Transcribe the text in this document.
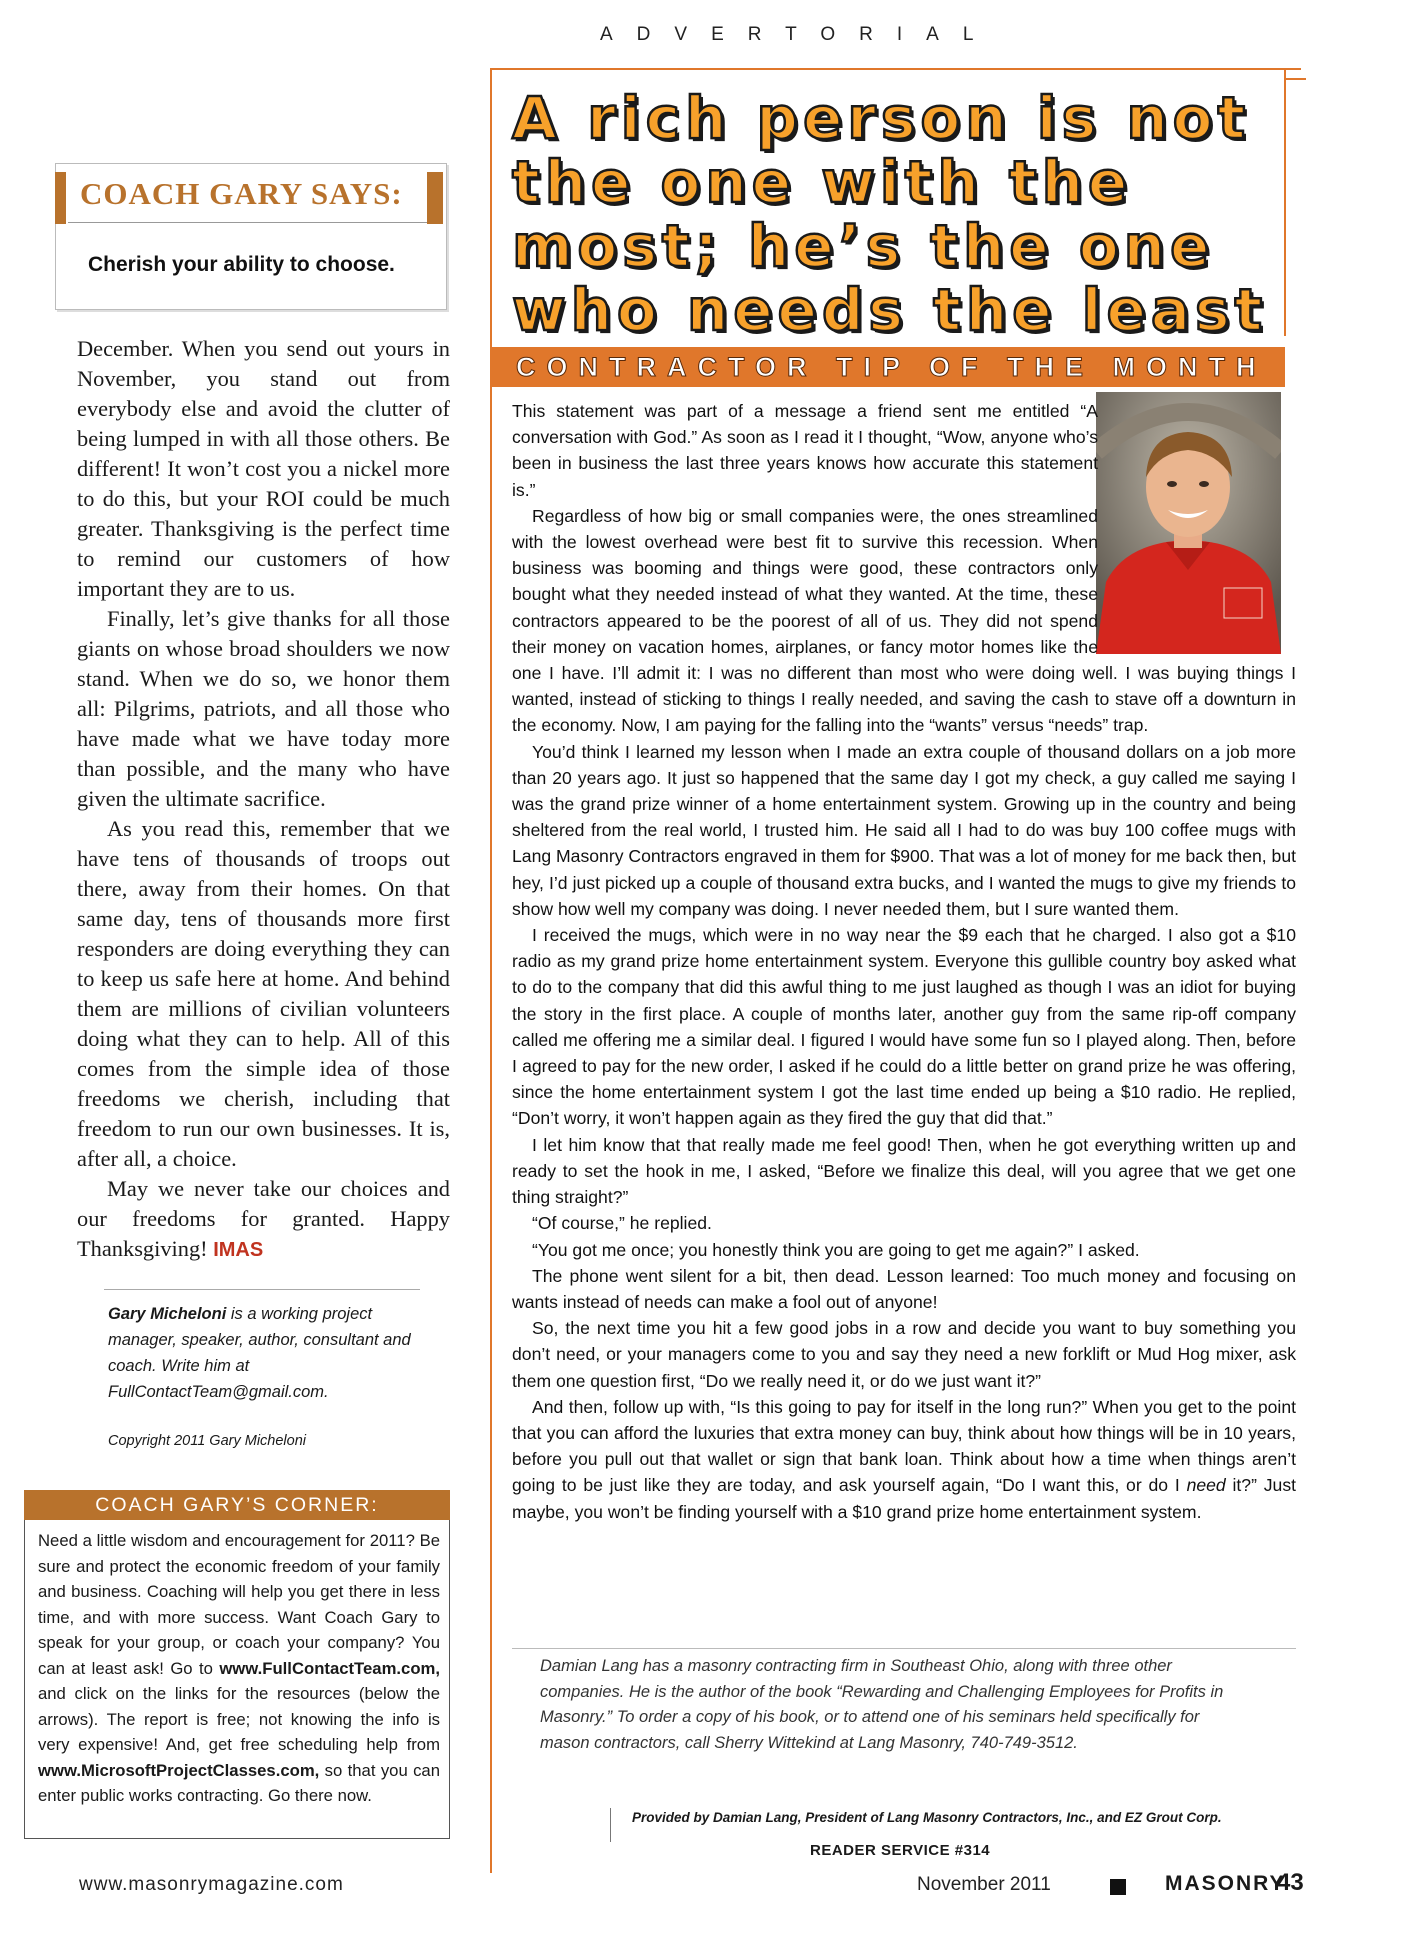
ADVERTORIAL
COACH GARY SAYS:
Cherish your ability to choose.

December. When you send out yours in November, you stand out from everybody else and avoid the clutter of being lumped in with all those others. Be different! It won’t cost you a nickel more to do this, but your ROI could be much greater. Thanksgiving is the perfect time to remind our customers of how important they are to us.

Finally, let’s give thanks for all those giants on whose broad shoulders we now stand. When we do so, we honor them all: Pilgrims, patriots, and all those who have made what we have today more than possible, and the many who have given the ultimate sacrifice.

As you read this, remember that we have tens of thousands of troops out there, away from their homes. On that same day, tens of thousands more first responders are doing everything they can to keep us safe here at home. And behind them are millions of civilian volunteers doing what they can to help. All of this comes from the simple idea of those freedoms we cherish, including that freedom to run our own businesses. It is, after all, a choice.

May we never take our choices and our freedoms for granted. Happy Thanksgiving! IMAS

Gary Micheloni is a working project manager, speaker, author, consultant and coach. Write him at FullContactTeam@gmail.com.
Copyright 2011 Gary Micheloni
COACH GARY’S CORNER:
Need a little wisdom and encouragement for 2011? Be sure and protect the economic freedom of your family and business. Coaching will help you get there in less time, and with more success. Want Coach Gary to speak for your group, or coach your company? You can at least ask! Go to www.FullContactTeam.com, and click on the links for the resources (below the arrows). The report is free; not knowing the info is very expensive! And, get free scheduling help from www.MicrosoftProjectClasses.com, so that you can enter public works contracting. Go there now.
A rich person is not
the one with the
most; he’s the one
who needs the least
CONTRACTOR TIP OF THE MONTH

This statement was part of a message a friend sent me entitled “A conversation with God.” As soon as I read it I thought, “Wow, anyone who’s been in business the last three years knows how accurate this statement is.”

Regardless of how big or small companies were, the ones streamlined with the lowest overhead were best fit to survive this recession. When business was booming and things were good, these contractors only bought what they needed instead of what they wanted. At the time, these contractors appeared to be the poorest of all of us. They did not spend their money on vacation homes, airplanes, or fancy motor homes like the one I have. I’ll admit it: I was no different than most who were doing well. I was buying things I wanted, instead of sticking to things I really needed, and saving the cash to stave off a downturn in the economy. Now, I am paying for the falling into the “wants” versus “needs” trap.

You’d think I learned my lesson when I made an extra couple of thousand dollars on a job more than 20 years ago. It just so happened that the same day I got my check, a guy called me saying I was the grand prize winner of a home entertainment system. Growing up in the country and being sheltered from the real world, I trusted him. He said all I had to do was buy 100 coffee mugs with Lang Masonry Contractors engraved in them for $900. That was a lot of money for me back then, but hey, I’d just picked up a couple of thousand extra bucks, and I wanted the mugs to give my friends to show how well my company was doing. I never needed them, but I sure wanted them.

I received the mugs, which were in no way near the $9 each that he charged. I also got a $10 radio as my grand prize home entertainment system. Everyone this gullible country boy asked what to do to the company that did this awful thing to me just laughed as though I was an idiot for buying the story in the first place. A couple of months later, another guy from the same rip-off company called me offering me a similar deal. I figured I would have some fun so I played along. Then, before I agreed to pay for the new order, I asked if he could do a little better on grand prize he was offering, since the home entertainment system I got the last time ended up being a $10 radio. He replied, “Don’t worry, it won’t happen again as they fired the guy that did that.”

I let him know that that really made me feel good! Then, when he got everything written up and ready to set the hook in me, I asked, “Before we finalize this deal, will you agree that we get one thing straight?”

“Of course,” he replied.

“You got me once; you honestly think you are going to get me again?” I asked.

The phone went silent for a bit, then dead. Lesson learned: Too much money and focusing on wants instead of needs can make a fool out of anyone!

So, the next time you hit a few good jobs in a row and decide you want to buy something you don’t need, or your managers come to you and say they need a new forklift or Mud Hog mixer, ask them one question first, “Do we really need it, or do we just want it?”

And then, follow up with, “Is this going to pay for itself in the long run?” When you get to the point that you can afford the luxuries that extra money can buy, think about how things will be in 10 years, before you pull out that wallet or sign that bank loan. Think about how a time when things aren’t going to be just like they are today, and ask yourself again, “Do I want this, or do I need it?” Just maybe, you won’t be finding yourself with a $10 grand prize home entertainment system.

Damian Lang has a masonry contracting firm in Southeast Ohio, along with three other companies. He is the author of the book “Rewarding and Challenging Employees for Profits in Masonry.” To order a copy of his book, or to attend one of his seminars held specifically for mason contractors, call Sherry Wittekind at Lang Masonry, 740-749-3512.
Provided by Damian Lang, President of Lang Masonry Contractors, Inc., and EZ Grout Corp.
READER SERVICE #314
www.masonrymagazine.com	November 2011	MASONRY
43
